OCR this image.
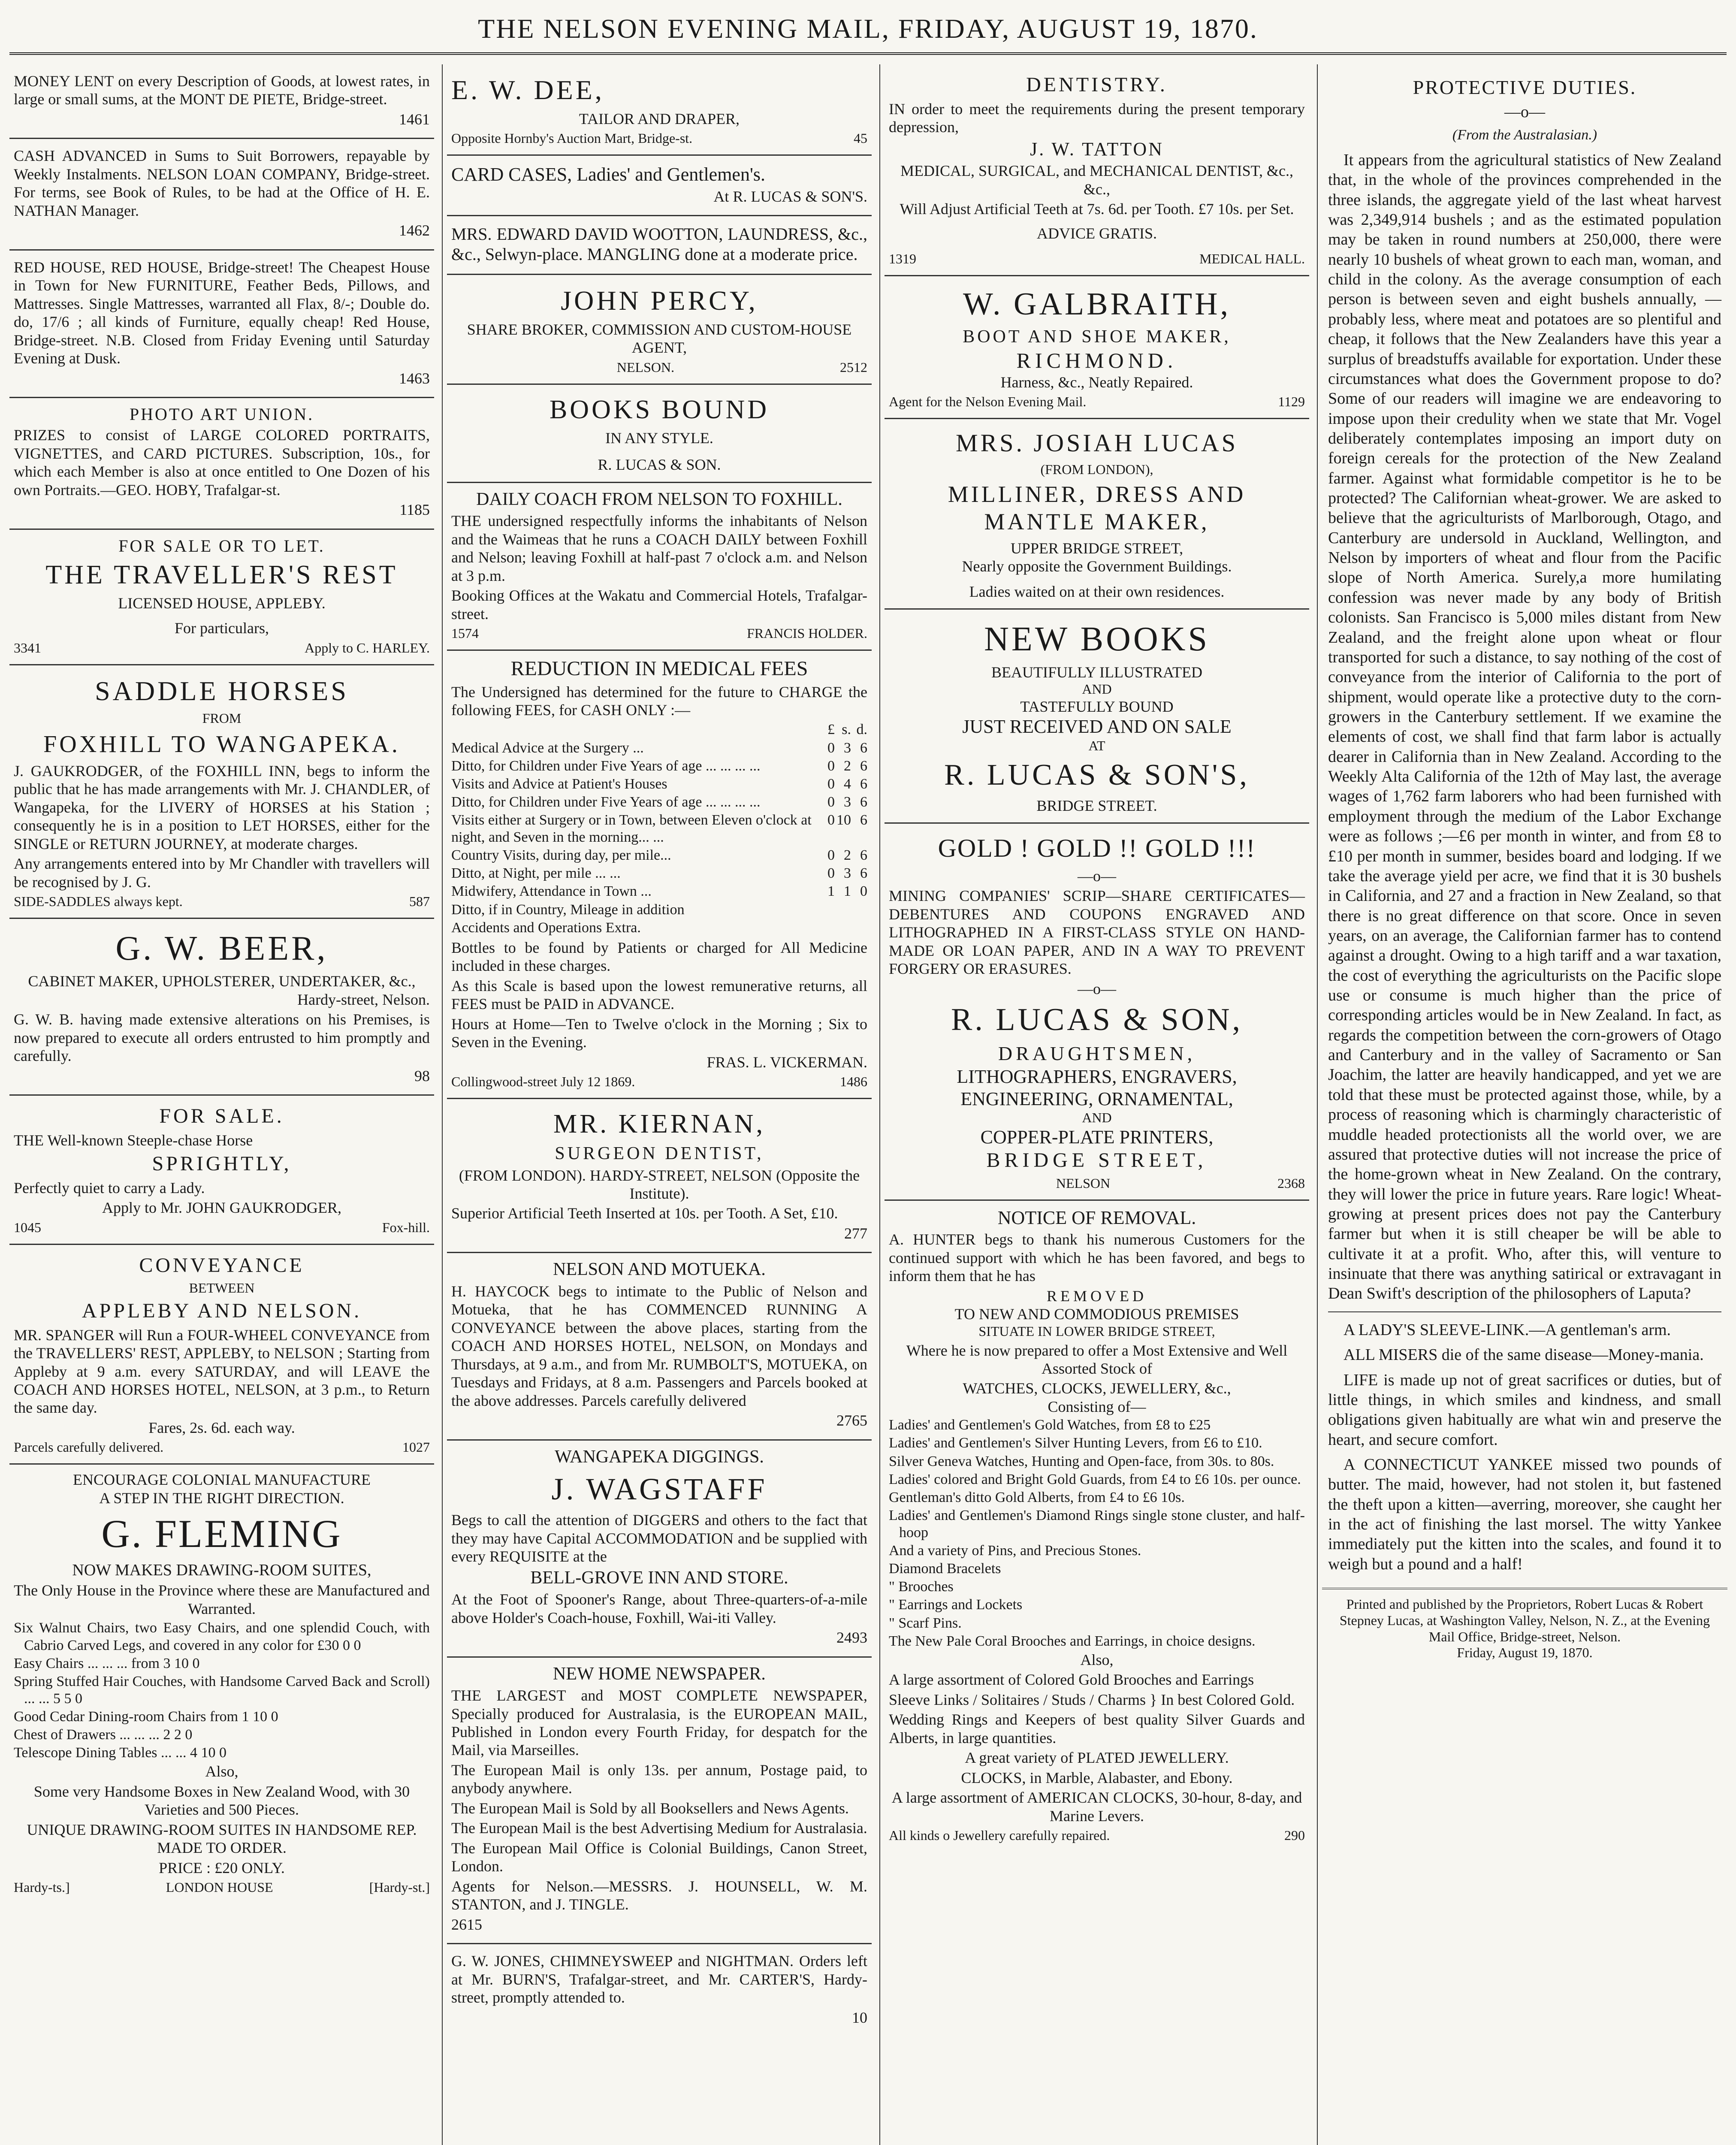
THE NELSON EVENING MAIL, FRIDAY, AUGUST 19, 1870.

MONEY LENT on every Description of Goods, at lowest rates, in large or small sums, at the MONT DE PIETE, Bridge-street.

1461

CASH ADVANCED in Sums to Suit Borrowers, repayable by Weekly Instalments. NELSON LOAN COMPANY, Bridge-street. For terms, see Book of Rules, to be had at the Office of H. E. NATHAN Manager.

1462

RED HOUSE, RED HOUSE, Bridge-street! The Cheapest House in Town for New FURNITURE, Feather Beds, Pillows, and Mattresses. Single Mattresses, warranted all Flax, 8/-; Double do. do, 17/6 ; all kinds of Furniture, equally cheap! Red House, Bridge-street. N.B. Closed from Friday Evening until Saturday Evening at Dusk.

1463

PHOTO ART UNION.

PRIZES to consist of LARGE COLORED PORTRAITS, VIGNETTES, and CARD PICTURES. Subscription, 10s., for which each Member is also at once entitled to One Dozen of his own Portraits.—GEO. HOBY, Trafalgar-st.

1185

FOR SALE OR TO LET.
THE TRAVELLER'S REST
LICENSED HOUSE, APPLEBY.
For particulars,
3341	Apply to C. HARLEY.
SADDLE HORSES
FROM
FOXHILL TO WANGAPEKA.

J. GAUKRODGER, of the FOXHILL INN, begs to inform the public that he has made arrangements with Mr. J. CHANDLER, of Wangapeka, for the LIVERY of HORSES at his Station ; consequently he is in a position to LET HORSES, either for the SINGLE or RETURN JOURNEY, at moderate charges.

Any arrangements entered into by Mr Chandler with travellers will be recognised by J. G.

SIDE-SADDLES always kept.	587
G. W. BEER,
CABINET MAKER, UPHOLSTERER, UNDERTAKER, &c.,
Hardy-street, Nelson.

G. W. B. having made extensive alterations on his Premises, is now prepared to execute all orders entrusted to him promptly and carefully.

98

FOR SALE.

THE Well-known Steeple-chase Horse

SPRIGHTLY,

Perfectly quiet to carry a Lady.

Apply to Mr. JOHN GAUKRODGER,

1045	Fox-hill.
CONVEYANCE
BETWEEN
APPLEBY AND NELSON.

MR. SPANGER will Run a FOUR-WHEEL CONVEYANCE from the TRAVELLERS' REST, APPLEBY, to NELSON ; Starting from Appleby at 9 a.m. every SATURDAY, and will LEAVE the COACH AND HORSES HOTEL, NELSON, at 3 p.m., to Return the same day.

Fares, 2s. 6d. each way.

Parcels carefully delivered.	1027
ENCOURAGE COLONIAL MANUFACTURE
A STEP IN THE RIGHT DIRECTION.
G. FLEMING
NOW MAKES DRAWING-ROOM SUITES,

The Only House in the Province where these are Manufactured and Warranted.

Six Walnut Chairs, two Easy Chairs, and one splendid Couch, with Cabrio Carved Legs, and covered in any color for £30 0 0

Easy Chairs ... ... ... from 3 10 0

Spring Stuffed Hair Couches, with Handsome Carved Back and Scroll) ... ... 5 5 0

Good Cedar Dining-room Chairs from 1 10 0

Chest of Drawers ... ... ... 2 2 0

Telescope Dining Tables ... ... 4 10 0

Also,

Some very Handsome Boxes in New Zealand Wood, with 30 Varieties and 500 Pieces.

UNIQUE DRAWING-ROOM SUITES IN HANDSOME REP. MADE TO ORDER.

PRICE : £20 ONLY.
Hardy-ts.]	LONDON HOUSE	[Hardy-st.]
E. W. DEE,
TAILOR AND DRAPER,
Opposite Hornby's Auction Mart, Bridge-st.	45

CARD CASES, Ladies' and Gentlemen's.

At R. LUCAS & SON'S.

MRS. EDWARD DAVID WOOTTON, LAUNDRESS, &c., &c., Selwyn-place. MANGLING done at a moderate price.

JOHN PERCY,
SHARE BROKER, COMMISSION AND CUSTOM-HOUSE AGENT,
NELSON.	2512
BOOKS BOUND
IN ANY STYLE.
R. LUCAS & SON.
DAILY COACH FROM NELSON TO FOXHILL.

THE undersigned respectfully informs the inhabitants of Nelson and the Waimeas that he runs a COACH DAILY between Foxhill and Nelson; leaving Foxhill at half-past 7 o'clock a.m. and Nelson at 3 p.m.

Booking Offices at the Wakatu and Commercial Hotels, Trafalgar-street.

1574	FRANCIS HOLDER.
REDUCTION IN MEDICAL FEES

The Undersigned has determined for the future to CHARGE the following FEES, for CASH ONLY :—

	£	s.	d.
Medical Advice at the Surgery ...	0	3	6
Ditto, for Children under Five Years of age ... ... ... ...	0	2	6
Visits and Advice at Patient's Houses	0	4	6
Ditto, for Children under Five Years of age ... ... ... ...	0	3	6
Visits either at Surgery or in Town, between Eleven o'clock at night, and Seven in the morning... ...	0	10	6
Country Visits, during day, per mile...	0	2	6
Ditto, at Night, per mile ... ...	0	3	6
Midwifery, Attendance in Town ...	1	1	0
Ditto, if in Country, Mileage in addition			
Accidents and Operations Extra.			

Bottles to be found by Patients or charged for All Medicine included in these charges.

As this Scale is based upon the lowest remunerative returns, all FEES must be PAID in ADVANCE.

Hours at Home—Ten to Twelve o'clock in the Morning ; Six to Seven in the Evening.

FRAS. L. VICKERMAN.

Collingwood-street July 12 1869.	1486
MR. KIERNAN,
SURGEON DENTIST,

(FROM LONDON). HARDY-STREET, NELSON (Opposite the Institute).

Superior Artificial Teeth Inserted at 10s. per Tooth. A Set, £10.

277

NELSON AND MOTUEKA.

H. HAYCOCK begs to intimate to the Public of Nelson and Motueka, that he has COMMENCED RUNNING A CONVEYANCE between the above places, starting from the COACH AND HORSES HOTEL, NELSON, on Mondays and Thursdays, at 9 a.m., and from Mr. RUMBOLT'S, MOTUEKA, on Tuesdays and Fridays, at 8 a.m. Passengers and Parcels booked at the above addresses. Parcels carefully delivered

2765

WANGAPEKA DIGGINGS.
J. WAGSTAFF

Begs to call the attention of DIGGERS and others to the fact that they may have Capital ACCOMMODATION and be supplied with every REQUISITE at the

BELL-GROVE INN AND STORE.

At the Foot of Spooner's Range, about Three-quarters-of-a-mile above Holder's Coach-house, Foxhill, Wai-iti Valley.

2493

NEW HOME NEWSPAPER.

THE LARGEST and MOST COMPLETE NEWSPAPER, Specially produced for Australasia, is the EUROPEAN MAIL, Published in London every Fourth Friday, for despatch for the Mail, via Marseilles.

The European Mail is only 13s. per annum, Postage paid, to anybody anywhere.

The European Mail is Sold by all Booksellers and News Agents.

The European Mail is the best Advertising Medium for Australasia.

The European Mail Office is Colonial Buildings, Canon Street, London.

Agents for Nelson.—MESSRS. J. HOUNSELL, W. M. STANTON, and J. TINGLE.

2615

G. W. JONES, CHIMNEYSWEEP and NIGHTMAN. Orders left at Mr. BURN'S, Trafalgar-street, and Mr. CARTER'S, Hardy-street, promptly attended to.

10

DENTISTRY.

IN order to meet the requirements during the present temporary depression,

J. W. TATTON

MEDICAL, SURGICAL, and MECHANICAL DENTIST, &c., &c.,

Will Adjust Artificial Teeth at 7s. 6d. per Tooth. £7 10s. per Set.

ADVICE GRATIS.
1319	MEDICAL HALL.
W. GALBRAITH,
BOOT AND SHOE MAKER,
RICHMOND.
Harness, &c., Neatly Repaired.
Agent for the Nelson Evening Mail.	1129
MRS. JOSIAH LUCAS
(FROM LONDON),
MILLINER, DRESS AND MANTLE MAKER,
UPPER BRIDGE STREET,
Nearly opposite the Government Buildings.
Ladies waited on at their own residences.
NEW BOOKS
BEAUTIFULLY ILLUSTRATED
AND
TASTEFULLY BOUND
JUST RECEIVED AND ON SALE
AT
R. LUCAS & SON'S,
BRIDGE STREET.
GOLD ! GOLD !! GOLD !!!
—o—

MINING COMPANIES' SCRIP—SHARE CERTIFICATES—DEBENTURES AND COUPONS ENGRAVED AND LITHOGRAPHED IN A FIRST-CLASS STYLE ON HAND-MADE OR LOAN PAPER, AND IN A WAY TO PREVENT FORGERY OR ERASURES.

—o—
R. LUCAS & SON,
DRAUGHTSMEN,
LITHOGRAPHERS, ENGRAVERS,
ENGINEERING, ORNAMENTAL,
AND
COPPER-PLATE PRINTERS,
BRIDGE STREET,
NELSON	2368
NOTICE OF REMOVAL.

A. HUNTER begs to thank his numerous Customers for the continued support with which he has been favored, and begs to inform them that he has

REMOVED
TO NEW AND COMMODIOUS PREMISES
SITUATE IN LOWER BRIDGE STREET,

Where he is now prepared to offer a Most Extensive and Well Assorted Stock of

WATCHES, CLOCKS, JEWELLERY, &c.,
Consisting of—

Ladies' and Gentlemen's Gold Watches, from £8 to £25

Ladies' and Gentlemen's Silver Hunting Levers, from £6 to £10.

Silver Geneva Watches, Hunting and Open-face, from 30s. to 80s.

Ladies' colored and Bright Gold Guards, from £4 to £6 10s. per ounce.

Gentleman's ditto Gold Alberts, from £4 to £6 10s.

Ladies' and Gentlemen's Diamond Rings single stone cluster, and half-hoop

And a variety of Pins, and Precious Stones.

Diamond Bracelets

" Brooches

" Earrings and Lockets

" Scarf Pins.

The New Pale Coral Brooches and Earrings, in choice designs.

Also,

A large assortment of Colored Gold Brooches and Earrings

Sleeve Links / Solitaires / Studs / Charms } In best Colored Gold.

Wedding Rings and Keepers of best quality Silver Guards and Alberts, in large quantities.

A great variety of PLATED JEWELLERY.

CLOCKS, in Marble, Alabaster, and Ebony.

A large assortment of AMERICAN CLOCKS, 30-hour, 8-day, and Marine Levers.

All kinds o Jewellery carefully repaired.	290
PROTECTIVE DUTIES.
—o—
(From the Australasian.)

It appears from the agricultural statistics of New Zealand that, in the whole of the provinces comprehended in the three islands, the aggregate yield of the last wheat harvest was 2,349,914 bushels ; and as the estimated population may be taken in round numbers at 250,000, there were nearly 10 bushels of wheat grown to each man, woman, and child in the colony. As the average consumption of each person is between seven and eight bushels annually, —probably less, where meat and potatoes are so plentiful and cheap, it follows that the New Zealanders have this year a surplus of breadstuffs available for exportation. Under these circumstances what does the Government propose to do? Some of our readers will imagine we are endeavoring to impose upon their credulity when we state that Mr. Vogel deliberately contemplates imposing an import duty on foreign cereals for the protection of the New Zealand farmer. Against what formidable competitor is he to be protected? The Californian wheat-grower. We are asked to believe that the agriculturists of Marlborough, Otago, and Canterbury are undersold in Auckland, Wellington, and Nelson by importers of wheat and flour from the Pacific slope of North America. Surely,a more humilating confession was never made by any body of British colonists. San Francisco is 5,000 miles distant from New Zealand, and the freight alone upon wheat or flour transported for such a distance, to say nothing of the cost of conveyance from the interior of California to the port of shipment, would operate like a protective duty to the corn-growers in the Canterbury settlement. If we examine the elements of cost, we shall find that farm labor is actually dearer in California than in New Zealand. According to the Weekly Alta California of the 12th of May last, the average wages of 1,762 farm laborers who had been furnished with employment through the medium of the Labor Exchange were as follows ;—£6 per month in winter, and from £8 to £10 per month in summer, besides board and lodging. If we take the average yield per acre, we find that it is 30 bushels in California, and 27 and a fraction in New Zealand, so that there is no great difference on that score. Once in seven years, on an average, the Californian farmer has to contend against a drought. Owing to a high tariff and a war taxation, the cost of everything the agriculturists on the Pacific slope use or consume is much higher than the price of corresponding articles would be in New Zealand. In fact, as regards the competition between the corn-growers of Otago and Canterbury and in the valley of Sacramento or San Joachim, the latter are heavily handicapped, and yet we are told that these must be protected against those, while, by a process of reasoning which is charmingly characteristic of muddle headed protectionists all the world over, we are assured that protective duties will not increase the price of the home-grown wheat in New Zealand. On the contrary, they will lower the price in future years. Rare logic! Wheat-growing at present prices does not pay the Canterbury farmer but when it is still cheaper be will be able to cultivate it at a profit. Who, after this, will venture to insinuate that there was anything satirical or extravagant in Dean Swift's description of the philosophers of Laputa?

A LADY'S SLEEVE-LINK.—A gentleman's arm.

ALL MISERS die of the same disease—Money-mania.

LIFE is made up not of great sacrifices or duties, but of little things, in which smiles and kindness, and small obligations given habitually are what win and preserve the heart, and secure comfort.

A CONNECTICUT YANKEE missed two pounds of butter. The maid, however, had not stolen it, but fastened the theft upon a kitten—averring, moreover, she caught her in the act of finishing the last morsel. The witty Yankee immediately put the kitten into the scales, and found it to weigh but a pound and a half!

Printed and published by the Proprietors, Robert Lucas & Robert Stepney Lucas, at Washington Valley, Nelson, N. Z., at the Evening Mail Office, Bridge-street, Nelson.
Friday, August 19, 1870.
